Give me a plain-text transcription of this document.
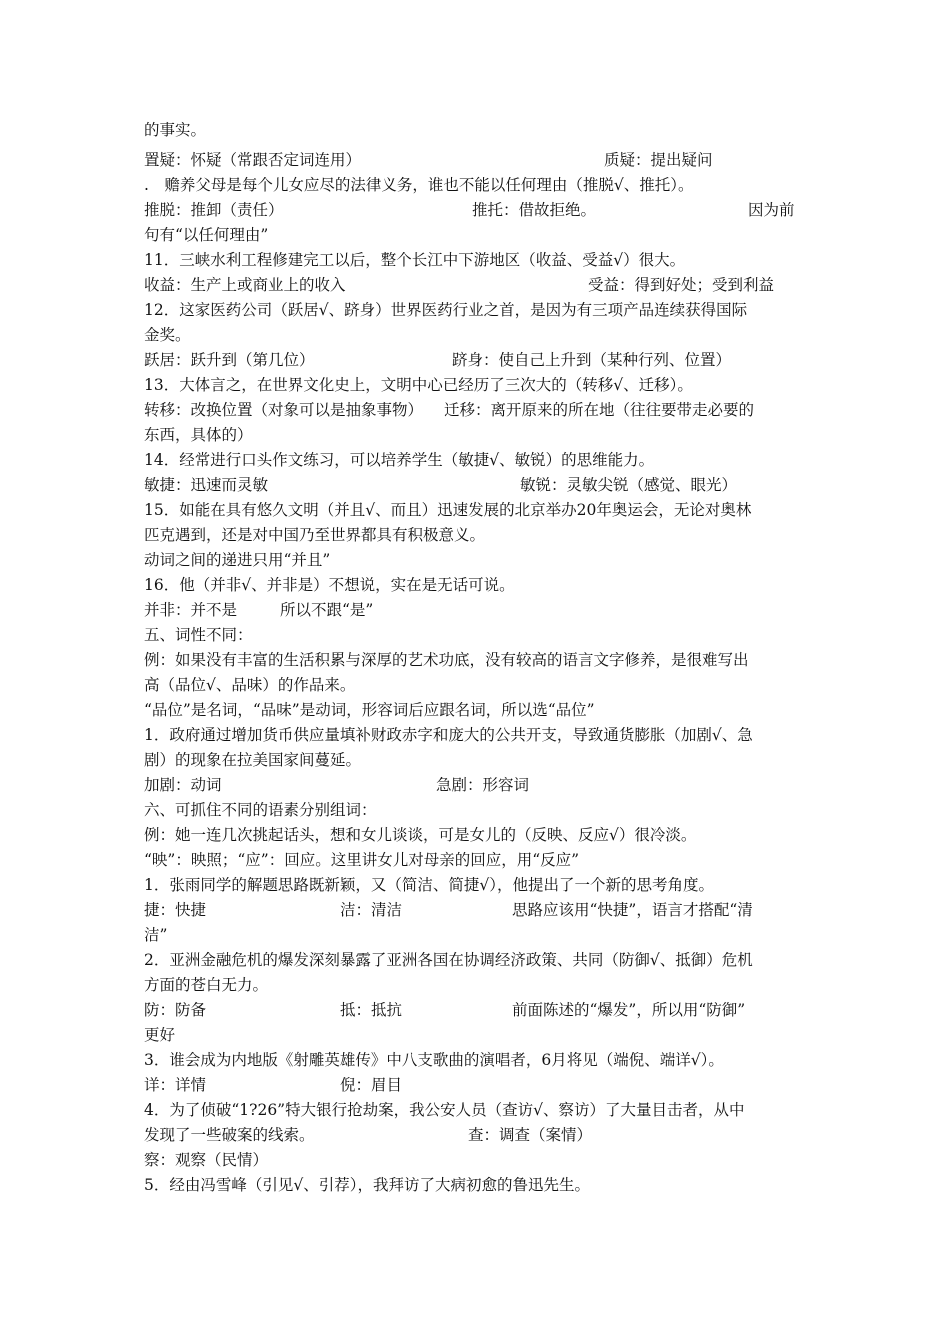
的事实。
置疑：怀疑（常跟否定词连用）	质疑：提出疑问
.　赡养父母是每个儿女应尽的法律义务，谁也不能以任何理由（推脱√、推托）。
推脱：推卸（责任）	推托：借故拒绝。	因为前
句有“以任何理由”
11．三峡水利工程修建完工以后，整个长江中下游地区（收益、受益√）很大。
收益：生产上或商业上的收入	受益：得到好处；受到利益
12．这家医药公司（跃居√、跻身）世界医药行业之首，是因为有三项产品连续获得国际
金奖。
跃居：跃升到（第几位）	跻身：使自己上升到（某种行列、位置）
13．大体言之，在世界文化史上，文明中心已经历了三次大的（转移√、迁移）。
转移：改换位置（对象可以是抽象事物） 迁移：离开原来的所在地（往往要带走必要的
东西，具体的）
14．经常进行口头作文练习，可以培养学生（敏捷√、敏锐）的思维能力。
敏捷：迅速而灵敏	敏锐：灵敏尖锐（感觉、眼光）
15．如能在具有悠久文明（并且√、而且）迅速发展的北京举办20年奥运会，无论对奥林
匹克遇到，还是对中国乃至世界都具有积极意义。
动词之间的递进只用“并且”
16．他（并非√、并非是）不想说，实在是无话可说。
并非：并不是	所以不跟“是”
五、词性不同：
例：如果没有丰富的生活积累与深厚的艺术功底，没有较高的语言文字修养，是很难写出
高（品位√、品味）的作品来。
“品位”是名词，“品味”是动词，形容词后应跟名词，所以选“品位”
1．政府通过增加货币供应量填补财政赤字和庞大的公共开支，导致通货膨胀（加剧√、急
剧）的现象在拉美国家间蔓延。
加剧：动词	急剧：形容词
六、可抓住不同的语素分别组词：
例：她一连几次挑起话头，想和女儿谈谈，可是女儿的（反映、反应√）很冷淡。
“映”：映照；“应”：回应。这里讲女儿对母亲的回应，用“反应”
1．张雨同学的解题思路既新颖，又（简洁、简捷√），他提出了一个新的思考角度。
捷：快捷	洁：清洁	思路应该用“快捷”，语言才搭配“清
洁”
2．亚洲金融危机的爆发深刻暴露了亚洲各国在协调经济政策、共同（防御√、抵御）危机
方面的苍白无力。
防：防备	抵：抵抗	前面陈述的“爆发”，所以用“防御”
更好
3．谁会成为内地版《射雕英雄传》中八支歌曲的演唱者，6月将见（端倪、端详√）。
详：详情	倪：眉目
4．为了侦破“1?26”特大银行抢劫案，我公安人员（查访√、察访）了大量目击者，从中
发现了一些破案的线索。	查：调查（案情）
察：观察（民情）
5．经由冯雪峰（引见√、引荐），我拜访了大病初愈的鲁迅先生。
